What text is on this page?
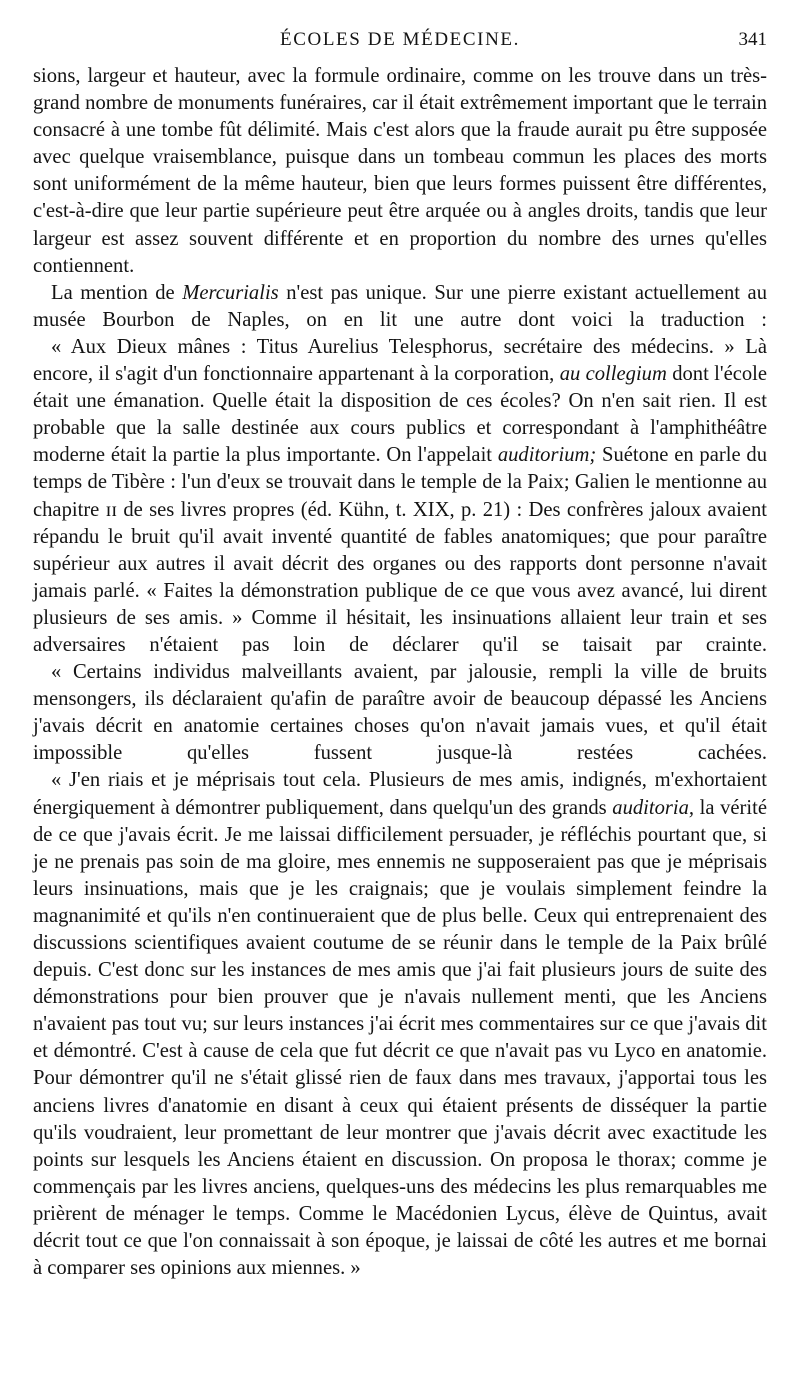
ÉCOLES DE MÉDECINE.	341

sions, largeur et hauteur, avec la formule ordinaire, comme on les trouve dans un très-grand nombre de monuments funéraires, car il était extrêmement important que le terrain consacré à une tombe fût délimité. Mais c'est alors que la fraude aurait pu être supposée avec quelque vraisemblance, puisque dans un tombeau commun les places des morts sont uniformément de la même hauteur, bien que leurs formes puissent être différentes, c'est-à-dire que leur partie supérieure peut être arquée ou à angles droits, tandis que leur largeur est assez souvent différente et en proportion du nombre des urnes qu'elles contiennent.

La mention de Mercurialis n'est pas unique. Sur une pierre existant actuellement au musée Bourbon de Naples, on en lit une autre dont voici la traduction :

« Aux Dieux mânes : Titus Aurelius Telesphorus, secrétaire des médecins. » Là encore, il s'agit d'un fonctionnaire appartenant à la corporation, au collegium dont l'école était une émanation. Quelle était la disposition de ces écoles? On n'en sait rien. Il est probable que la salle destinée aux cours publics et correspondant à l'amphithéâtre moderne était la partie la plus importante. On l'appelait auditorium; Suétone en parle du temps de Tibère : l'un d'eux se trouvait dans le temple de la Paix; Galien le mentionne au chapitre ɪɪ de ses livres propres (éd. Kühn, t. XIX, p. 21) : Des confrères jaloux avaient répandu le bruit qu'il avait inventé quantité de fables anatomiques; que pour paraître supérieur aux autres il avait décrit des organes ou des rapports dont personne n'avait jamais parlé. « Faites la démonstration publique de ce que vous avez avancé, lui dirent plusieurs de ses amis. » Comme il hésitait, les insinuations allaient leur train et ses adversaires n'étaient pas loin de déclarer qu'il se taisait par crainte.

« Certains individus malveillants avaient, par jalousie, rempli la ville de bruits mensongers, ils déclaraient qu'afin de paraître avoir de beaucoup dépassé les Anciens j'avais décrit en anatomie certaines choses qu'on n'avait jamais vues, et qu'il était impossible qu'elles fussent jusque-là restées cachées.

« J'en riais et je méprisais tout cela. Plusieurs de mes amis, indignés, m'exhortaient énergiquement à démontrer publiquement, dans quelqu'un des grands auditoria, la vérité de ce que j'avais écrit. Je me laissai difficilement persuader, je réfléchis pourtant que, si je ne prenais pas soin de ma gloire, mes ennemis ne supposeraient pas que je méprisais leurs insinuations, mais que je les craignais; que je voulais simplement feindre la magnanimité et qu'ils n'en continueraient que de plus belle. Ceux qui entreprenaient des discussions scientifiques avaient coutume de se réunir dans le temple de la Paix brûlé depuis. C'est donc sur les instances de mes amis que j'ai fait plusieurs jours de suite des démonstrations pour bien prouver que je n'avais nullement menti, que les Anciens n'avaient pas tout vu; sur leurs instances j'ai écrit mes commentaires sur ce que j'avais dit et démontré. C'est à cause de cela que fut décrit ce que n'avait pas vu Lyco en anatomie. Pour démontrer qu'il ne s'était glissé rien de faux dans mes travaux, j'apportai tous les anciens livres d'anatomie en disant à ceux qui étaient présents de disséquer la partie qu'ils voudraient, leur promettant de leur montrer que j'avais décrit avec exactitude les points sur lesquels les Anciens étaient en discussion. On proposa le thorax; comme je commençais par les livres anciens, quelques-uns des médecins les plus remarquables me prièrent de ménager le temps. Comme le Macédonien Lycus, élève de Quintus, avait décrit tout ce que l'on connaissait à son époque, je laissai de côté les autres et me bornai à comparer ses opinions aux miennes. »
